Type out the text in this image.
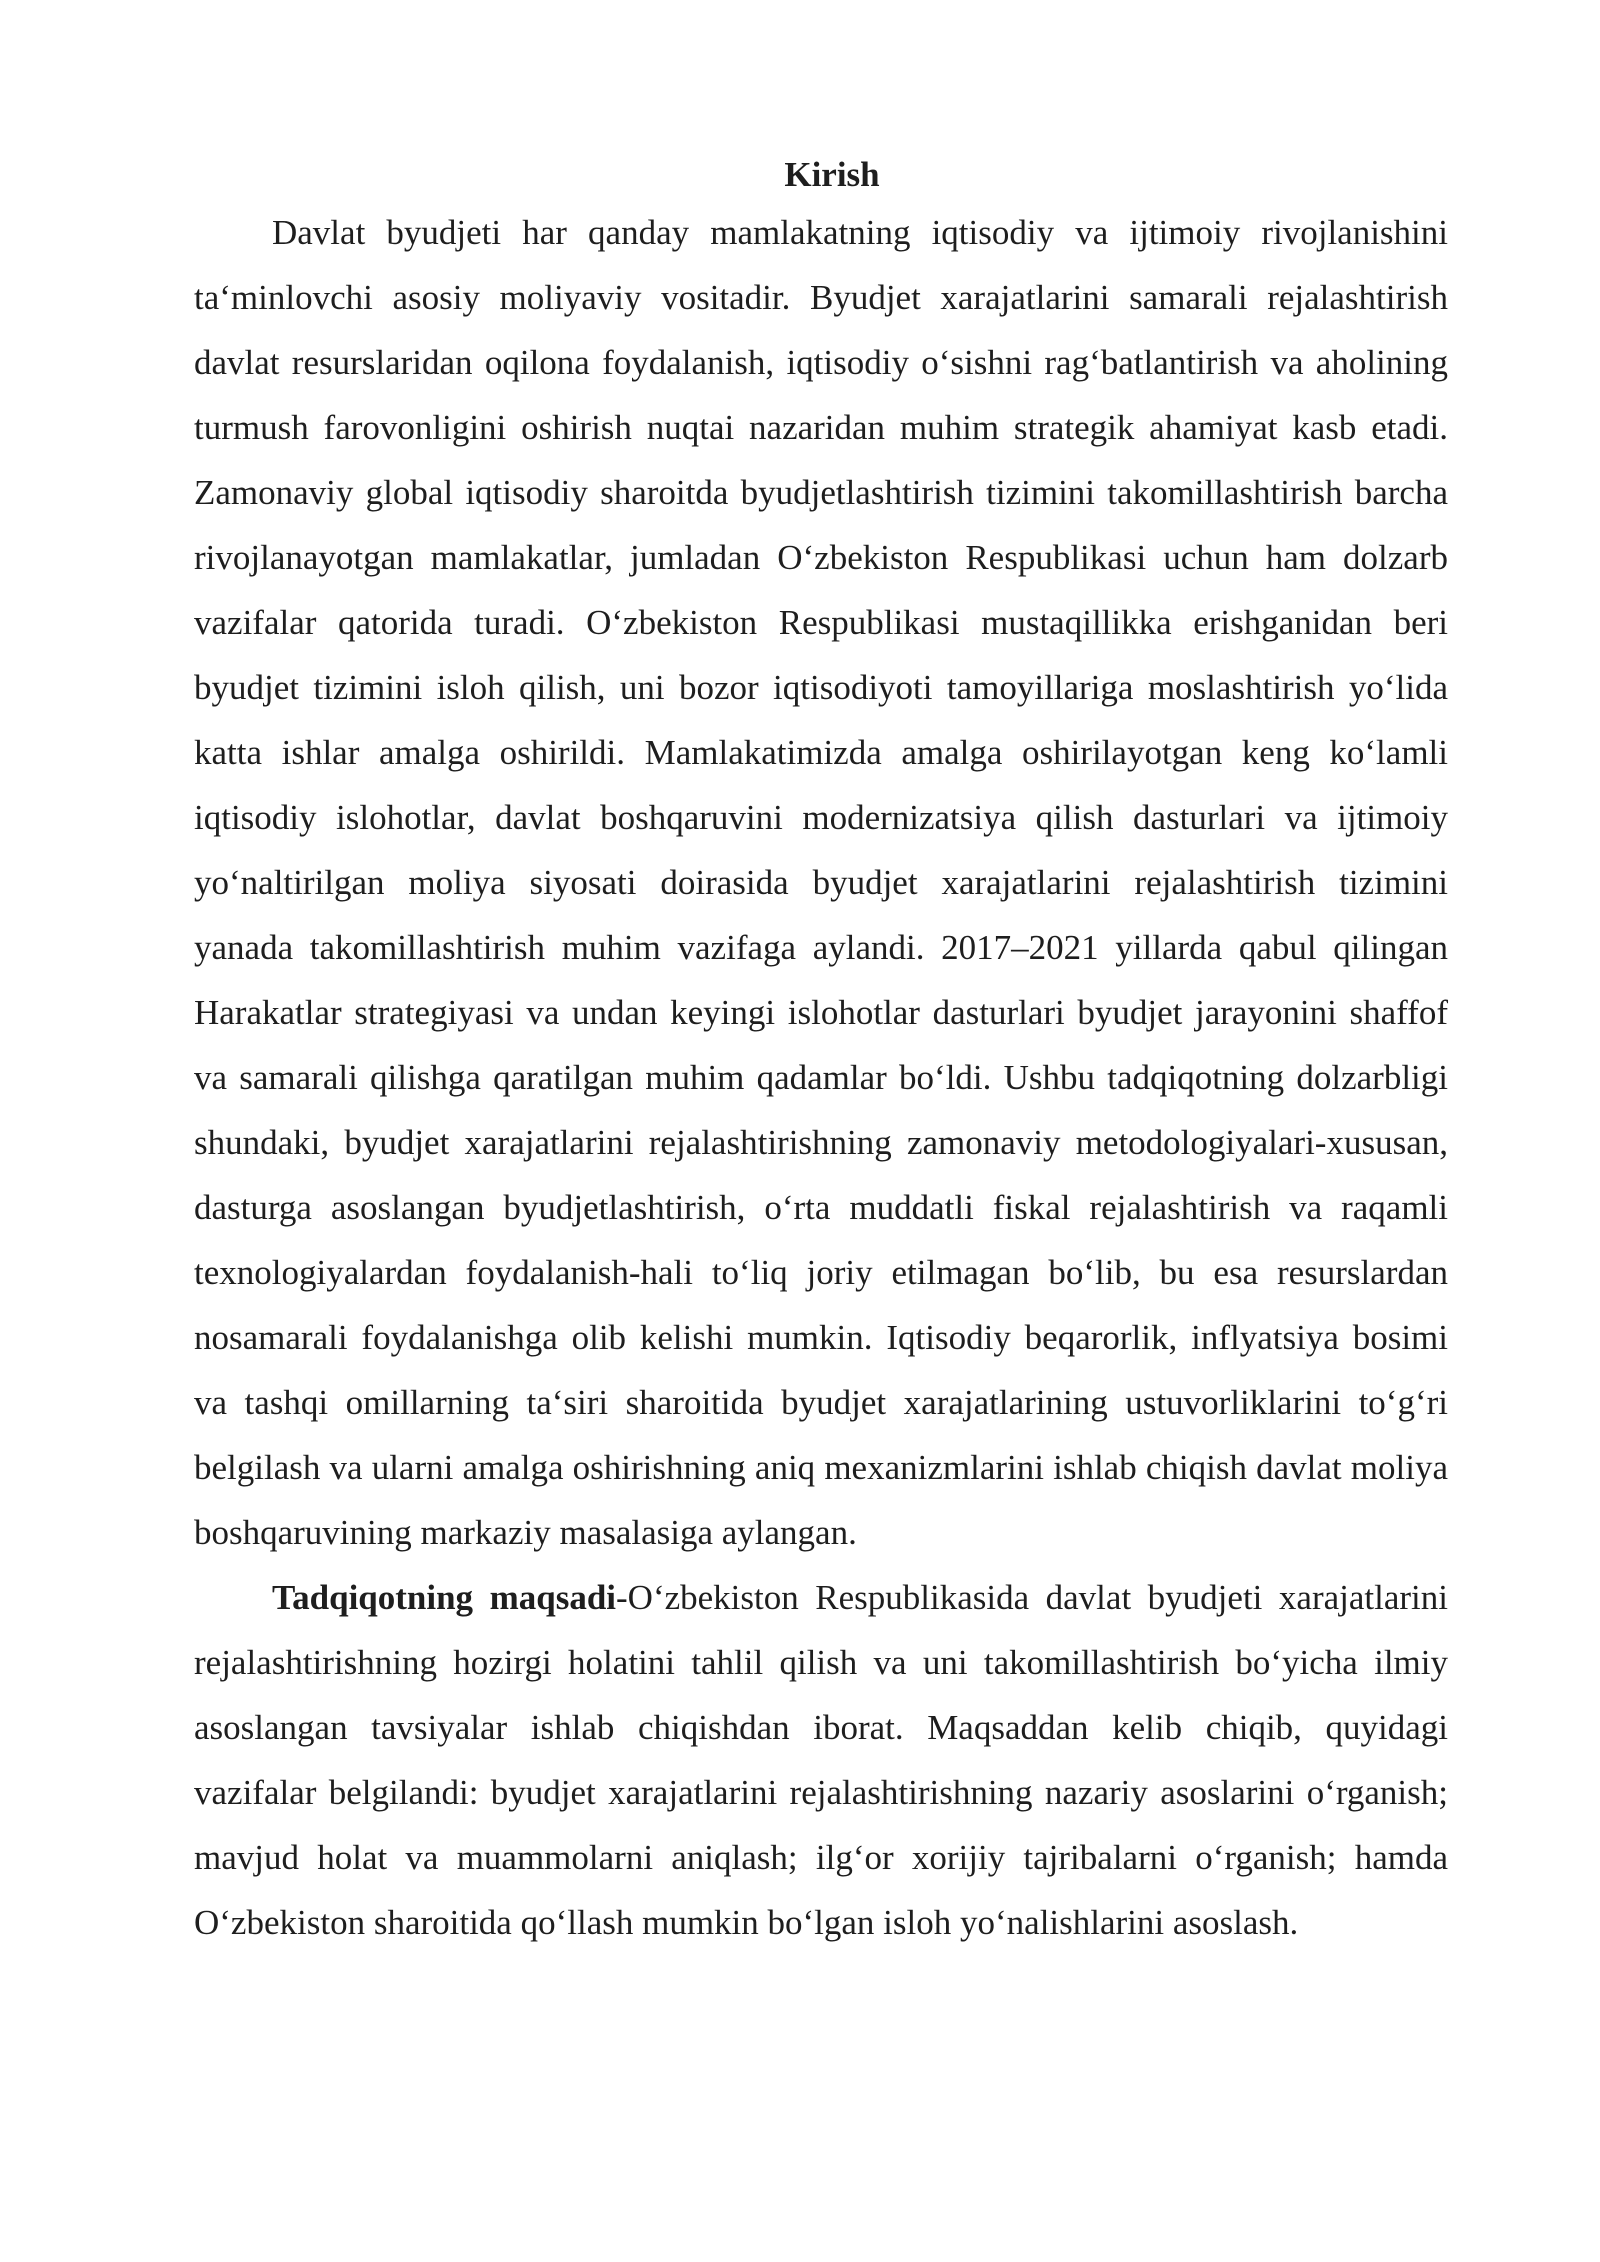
Kirish

Davlat byudjeti har qanday mamlakatning iqtisodiy va ijtimoiy rivojlanishini ta‘minlovchi asosiy moliyaviy vositadir. Byudjet xarajatlarini samarali rejalashtirish davlat resurslaridan oqilona foydalanish, iqtisodiy o‘sishni rag‘batlantirish va aholining turmush farovonligini oshirish nuqtai nazaridan muhim strategik ahamiyat kasb etadi. Zamonaviy global iqtisodiy sharoitda byudjetlashtirish tizimini takomillashtirish barcha rivojlanayotgan mamlakatlar, jumladan O‘zbekiston Respublikasi uchun ham dolzarb vazifalar qatorida turadi. O‘zbekiston Respublikasi mustaqillikka erishganidan beri byudjet tizimini isloh qilish, uni bozor iqtisodiyoti tamoyillariga moslashtirish yo‘lida katta ishlar amalga oshirildi. Mamlakatimizda amalga oshirilayotgan keng ko‘lamli iqtisodiy islohotlar, davlat boshqaruvini modernizatsiya qilish dasturlari va ijtimoiy yo‘naltirilgan moliya siyosati doirasida byudjet xarajatlarini rejalashtirish tizimini yanada takomillashtirish muhim vazifaga aylandi. 2017–2021 yillarda qabul qilingan Harakatlar strategiyasi va undan keyingi islohotlar dasturlari byudjet jarayonini shaffof va samarali qilishga qaratilgan muhim qadamlar bo‘ldi. Ushbu tadqiqotning dolzarbligi shundaki, byudjet xarajatlarini rejalashtirishning zamonaviy metodologiyalari-xususan, dasturga asoslangan byudjetlashtirish, o‘rta muddatli fiskal rejalashtirish va raqamli texnologiyalardan foydalanish-hali to‘liq joriy etilmagan bo‘lib, bu esa resurslardan nosamarali foydalanishga olib kelishi mumkin. Iqtisodiy beqarorlik, inflyatsiya bosimi va tashqi omillarning ta‘siri sharoitida byudjet xarajatlarining ustuvorliklarini to‘g‘ri belgilash va ularni amalga oshirishning aniq mexanizmlarini ishlab chiqish davlat moliya boshqaruvining markaziy masalasiga aylangan.

Tadqiqotning maqsadi-O‘zbekiston Respublikasida davlat byudjeti xarajatlarini rejalashtirishning hozirgi holatini tahlil qilish va uni takomillashtirish bo‘yicha ilmiy asoslangan tavsiyalar ishlab chiqishdan iborat. Maqsaddan kelib chiqib, quyidagi vazifalar belgilandi: byudjet xarajatlarini rejalashtirishning nazariy asoslarini o‘rganish; mavjud holat va muammolarni aniqlash; ilg‘or xorijiy tajribalarni o‘rganish; hamda O‘zbekiston sharoitida qo‘llash mumkin bo‘lgan isloh yo‘nalishlarini asoslash.
